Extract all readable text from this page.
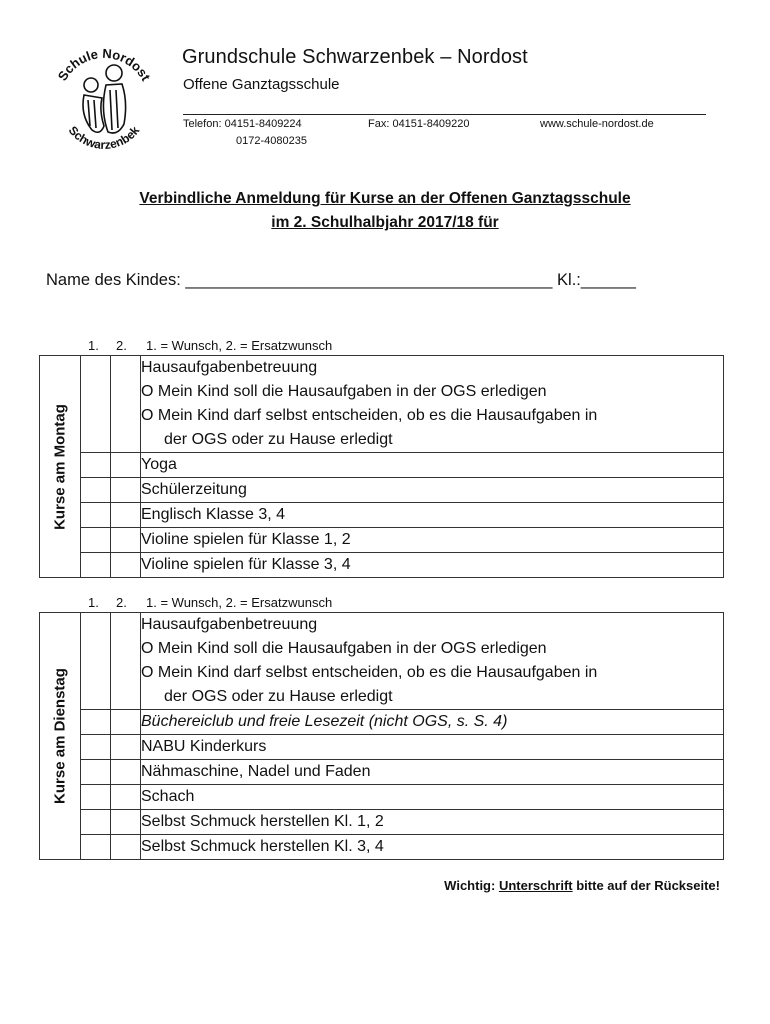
Schule Nordost
Schwarzenbek
Grundschule Schwarzenbek – Nordost
Offene Ganztagsschule
Telefon: 04151-8409224
0172-4080235
Fax: 04151-8409220	www.schule-nordost.de
Verbindliche Anmeldung für Kurse an der Offenen Ganztagsschule
im 2. Schulhalbjahr 2017/18 für
Name des Kindes: ________________________________________ Kl.:______
1. 2. 1. = Wunsch, 2. = Ersatzwunsch
Kurse am Montag			Hausaufgabenbetreuung
O Mein Kind soll die Hausaufgaben in der OGS erledigen
O Mein Kind darf selbst entscheiden, ob es die Hausaufgaben in
der OGS oder zu Hause erledigt

			Yoga

			Schülerzeitung

			Englisch Klasse 3, 4

			Violine spielen für Klasse 1, 2

			Violine spielen für Klasse 3, 4
1. 2. 1. = Wunsch, 2. = Ersatzwunsch
Kurse am Dienstag			Hausaufgabenbetreuung
O Mein Kind soll die Hausaufgaben in der OGS erledigen
O Mein Kind darf selbst entscheiden, ob es die Hausaufgaben in
der OGS oder zu Hause erledigt

			Büchereiclub und freie Lesezeit (nicht OGS, s. S. 4)

			NABU Kinderkurs

			Nähmaschine, Nadel und Faden

			Schach

			Selbst Schmuck herstellen Kl. 1, 2

			Selbst Schmuck herstellen Kl. 3, 4
Wichtig: Unterschrift bitte auf der Rückseite!
